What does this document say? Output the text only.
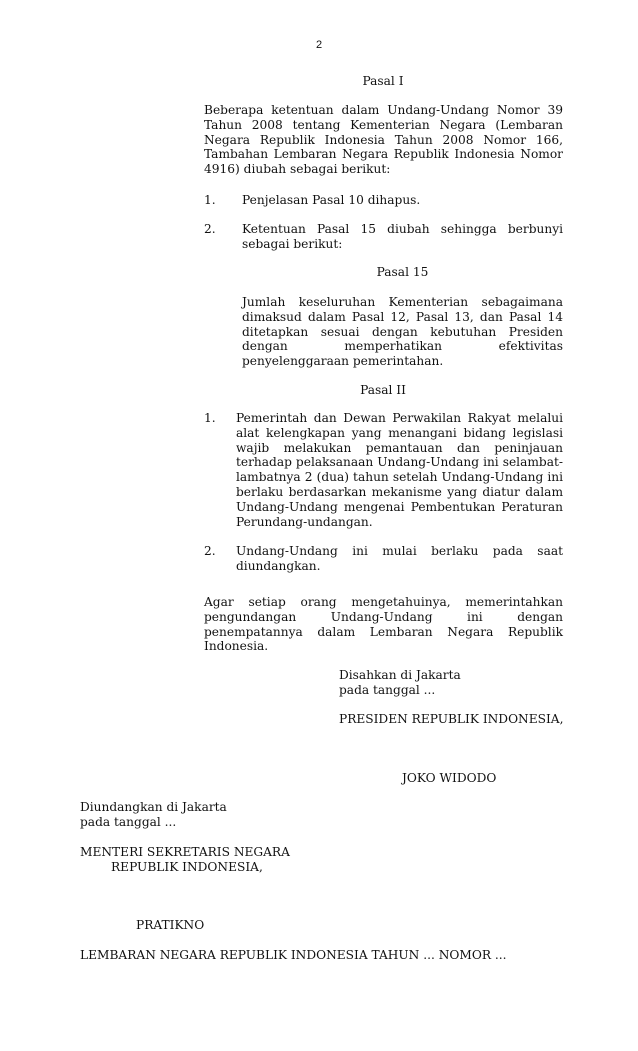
2
Pasal I
Beberapa ketentuan dalam Undang-Undang Nomor 39 Tahun 2008 tentang Kementerian Negara (Lembaran Negara Republik Indonesia Tahun 2008 Nomor 166, Tambahan Lembaran Negara Republik Indonesia Nomor 4916) diubah sebagai berikut:
1. Penjelasan Pasal 10 dihapus.
2. Ketentuan Pasal 15 diubah sehingga berbunyi sebagai berikut:
Pasal 15
Jumlah keseluruhan Kementerian sebagaimana dimaksud dalam Pasal 12, Pasal 13, dan Pasal 14 ditetapkan sesuai dengan kebutuhan Presiden dengan memperhatikan efektivitas penyelenggaraan pemerintahan.
Pasal II
1. Pemerintah dan Dewan Perwakilan Rakyat melalui alat kelengkapan yang menangani bidang legislasi wajib melakukan pemantauan dan peninjauan terhadap pelaksanaan Undang-Undang ini selambat-lambatnya 2 (dua) tahun setelah Undang-Undang ini berlaku berdasarkan mekanisme yang diatur dalam Undang-Undang mengenai Pembentukan Peraturan Perundang-undangan.
2. Undang-Undang ini mulai berlaku pada saat diundangkan.
Agar setiap orang mengetahuinya, memerintahkan pengundangan Undang-Undang ini dengan penempatannya dalam Lembaran Negara Republik Indonesia.
Disahkan di Jakarta
pada tanggal ...
PRESIDEN REPUBLIK INDONESIA,
JOKO WIDODO
Diundangkan di Jakarta
pada tanggal ...
MENTERI SEKRETARIS NEGARA
REPUBLIK INDONESIA,
PRATIKNO
LEMBARAN NEGARA REPUBLIK INDONESIA TAHUN ... NOMOR ...
